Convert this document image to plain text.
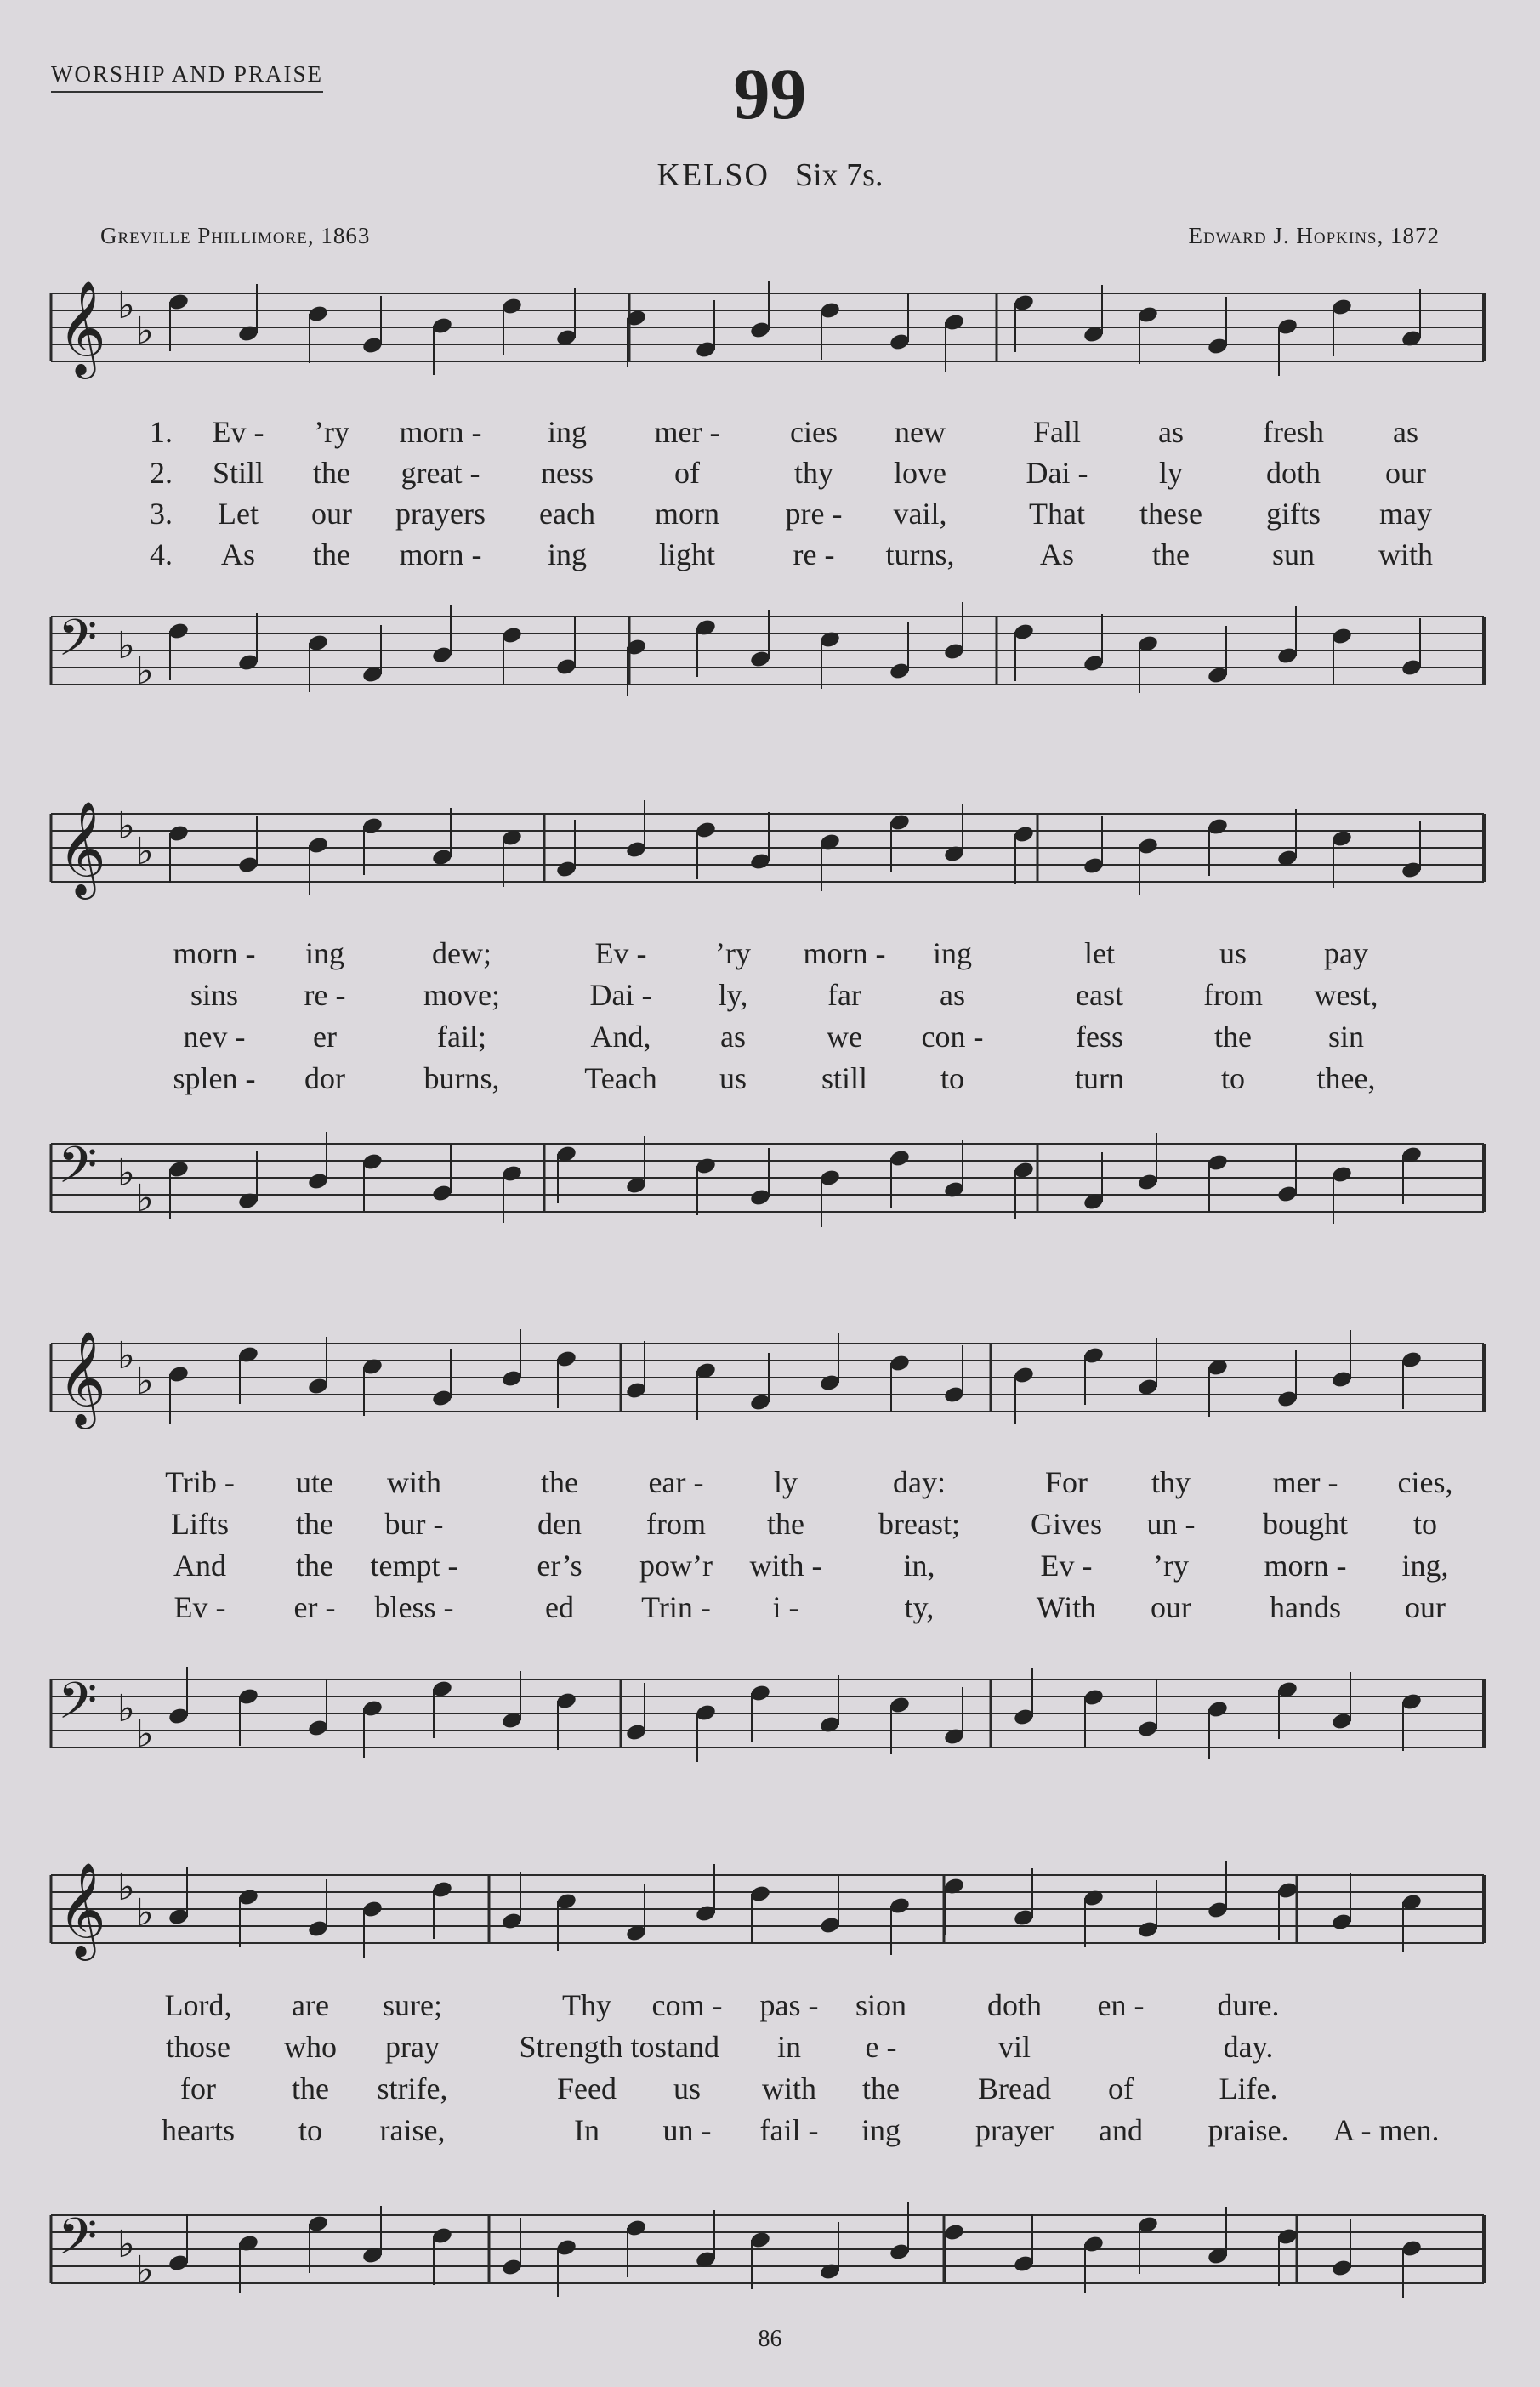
WORSHIP AND PRAISE	99
KELSO Six 7s.
Greville Phillimore, 1863	Edward J. Hopkins, 1872
𝄞 ♭
♭
𝄢 ♭
♭
𝄞 ♭
♭
𝄢 ♭
♭
𝄞 ♭
♭
𝄢 ♭
♭
𝄞 ♭
♭
𝄢 ♭
♭
1. Ev - ’ry morn - ing mer - cies new	Fall	as	fresh as
2. Still the great - ness	of	thy love	Dai - ly	doth our
3. Let our prayers each morn pre - vail,	That these gifts may
4. As the morn - ing light	re - turns,	As	the	sun with
morn - ing	dew;	Ev - ’ry morn - ing	let	us	pay
sins re -	move;	Dai - ly,	far	as	east	from west,
nev - er	fail;	And, as	we con -	fess	the	sin
splen - dor	burns,	Teach us still to	turn	to thee,
Trib - ute with	the ear - ly	day:	For thy	mer - cies,
Lifts the bur -	den from the breast; Gives un - bought to
And the tempt -	er’s pow’r with -	in,	Ev - ’ry morn - ing,
Ev - er - bless -	ed Trin - i -	ty,	With our	hands our
Lord, are sure;	Thy com - pas - sion	doth en - dure.
those who pray	Strength to stand in e -	vil	day.
for the strife,	Feed us with the	Bread of	Life.
hearts to raise,	In un - fail - ing prayer and praise. A - men.
86
